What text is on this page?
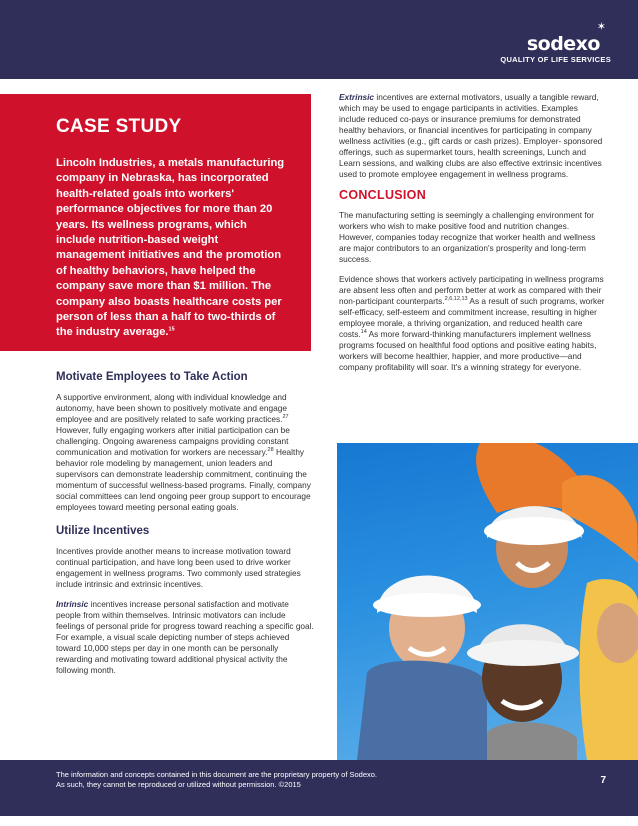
sodexo
✶
QUALITY OF LIFE SERVICES
CASE STUDY

Lincoln Industries, a metals manufacturing company in Nebraska, has incorporated health-related goals into workers' performance objectives for more than 20 years. Its wellness programs, which include nutrition-based weight management initiatives and the promotion of healthy behaviors, have helped the company save more than $1 million. The company also boasts healthcare costs per person of less than a half to two-thirds of the industry average.$^{15}$

Motivate Employees to Take Action

A supportive environment, along with individual knowledge and autonomy, have been shown to positively motivate and engage employee and are positively related to safe working practices.$^{27}$ However, fully engaging workers after initial participation can be challenging. Ongoing awareness campaigns providing constant communication and motivation for workers are necessary.$^{28}$ Healthy behavior role modeling by management, union leaders and supervisors can demonstrate leadership commitment, continuing the momentum of successful wellness-based programs. Finally, company social committees can lend ongoing peer group support to encourage employees toward meeting personal eating goals.

Utilize Incentives

Incentives provide another means to increase motivation toward continual participation, and have long been used to drive worker engagement in wellness programs. Two commonly used strategies include intrinsic and extrinsic incentives.

Intrinsic incentives increase personal satisfaction and motivate people from within themselves. Intrinsic motivators can include feelings of personal pride for progress toward reaching a specific goal. For example, a visual scale depicting number of steps achieved toward 10,000 steps per day in one month can be personally rewarding and motivating toward additional physical activity the following month.

Extrinsic incentives are external motivators, usually a tangible reward, which may be used to engage participants in activities. Examples include reduced co-pays or insurance premiums for demonstrated healthy behaviors, or financial incentives for participating in company wellness activities (e.g., gift cards or cash prizes). Employer- sponsored offerings, such as supermarket tours, health screenings, Lunch and Learn sessions, and walking clubs are also effective extrinsic incentives used to promote employee engagement in wellness programs.

CONCLUSION

The manufacturing setting is seemingly a challenging environment for workers who wish to make positive food and nutrition changes. However, companies today recognize that worker health and wellness are major contributors to an organization's prosperity and long-term success.

Evidence shows that workers actively participating in wellness programs are absent less often and perform better at work as compared with their non-participant counterparts.$^{2,6,12,13}$ As a result of such programs, worker self-efficacy, self-esteem and commitment increase, resulting in higher employee morale, a thriving organization, and reduced health care costs.$^{14}$ As more forward-thinking manufacturers implement wellness programs focused on healthful food options and positive eating habits, workers will become healthier, happier, and more productive—and company profitability will soar. It's a winning strategy for everyone.

The information and concepts contained in this document are the proprietary property of Sodexo.
As such, they cannot be reproduced or utilized without permission. ©2015	7
